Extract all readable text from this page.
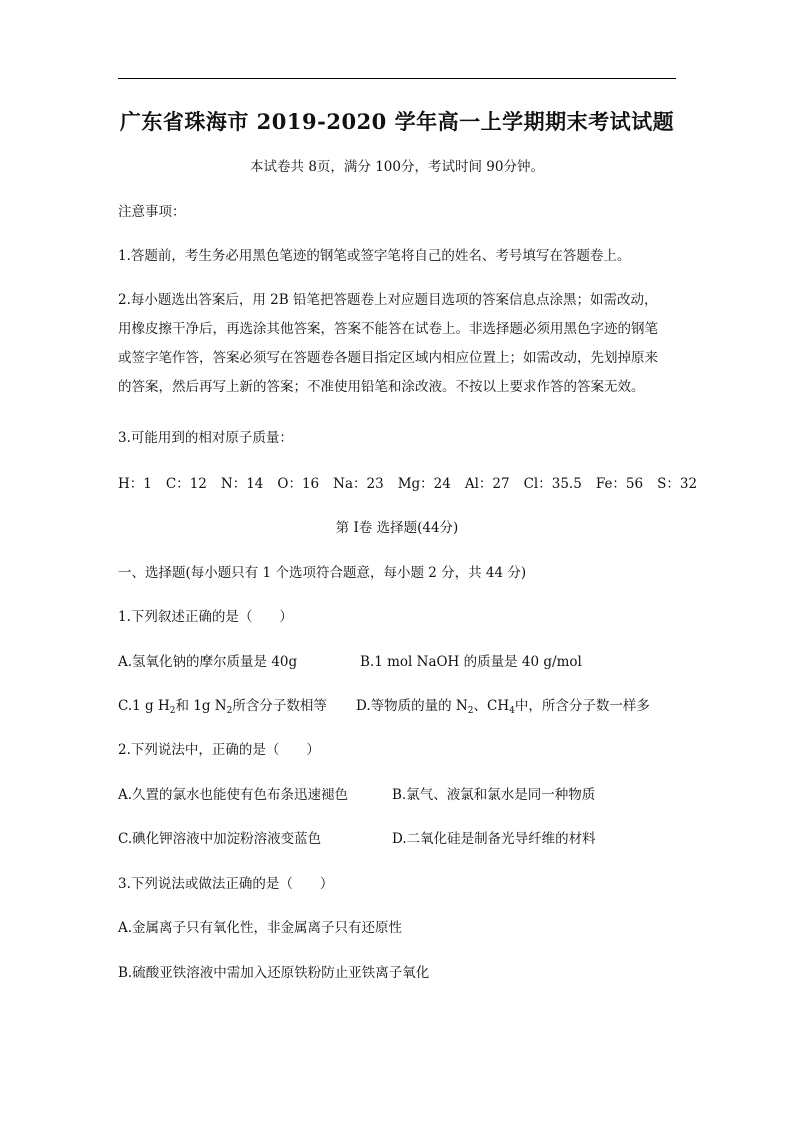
广东省珠海市 2019-2020 学年高一上学期期末考试试题
本试卷共 8页，满分 100分，考试时间 90分钟。
注意事项：
1.答题前，考生务必用黑色笔迹的钢笔或签字笔将自己的姓名、考号填写在答题卷上。
2.每小题选出答案后，用 2B 铅笔把答题卷上对应题目选项的答案信息点涂黑；如需改动，
用橡皮擦干净后，再选涂其他答案，答案不能答在试卷上。非选择题必须用黑色字迹的钢笔
或签字笔作答，答案必须写在答题卷各题目指定区域内相应位置上；如需改动，先划掉原来
的答案，然后再写上新的答案；不准使用铅笔和涂改液。不按以上要求作答的答案无效。
3.可能用到的相对原子质量：
H：1 C：12 N：14 O：16 Na：23 Mg：24 Al：27 Cl：35.5 Fe：56 S：32
第 I卷 选择题(44分)
一、选择题(每小题只有 1 个选项符合题意，每小题 2 分，共 44 分)
1.下列叙述正确的是（　　）
A.氢氧化钠的摩尔质量是 40g	B.1 mol NaOH 的质量是 40 g/mol
C.1 g $H_2$和 1g $N_2$所含分子数相等 D.等物质的量的 $N_2$、$CH_4$中，所含分子数一样多
2.下列说法中，正确的是（　　）
A.久置的氯水也能使有色布条迅速褪色	B.氯气、液氯和氯水是同一种物质
C.碘化钾溶液中加淀粉溶液变蓝色	D.二氧化硅是制备光导纤维的材料
3.下列说法或做法正确的是（　　）
A.金属离子只有氧化性，非金属离子只有还原性
B.硫酸亚铁溶液中需加入还原铁粉防止亚铁离子氧化
